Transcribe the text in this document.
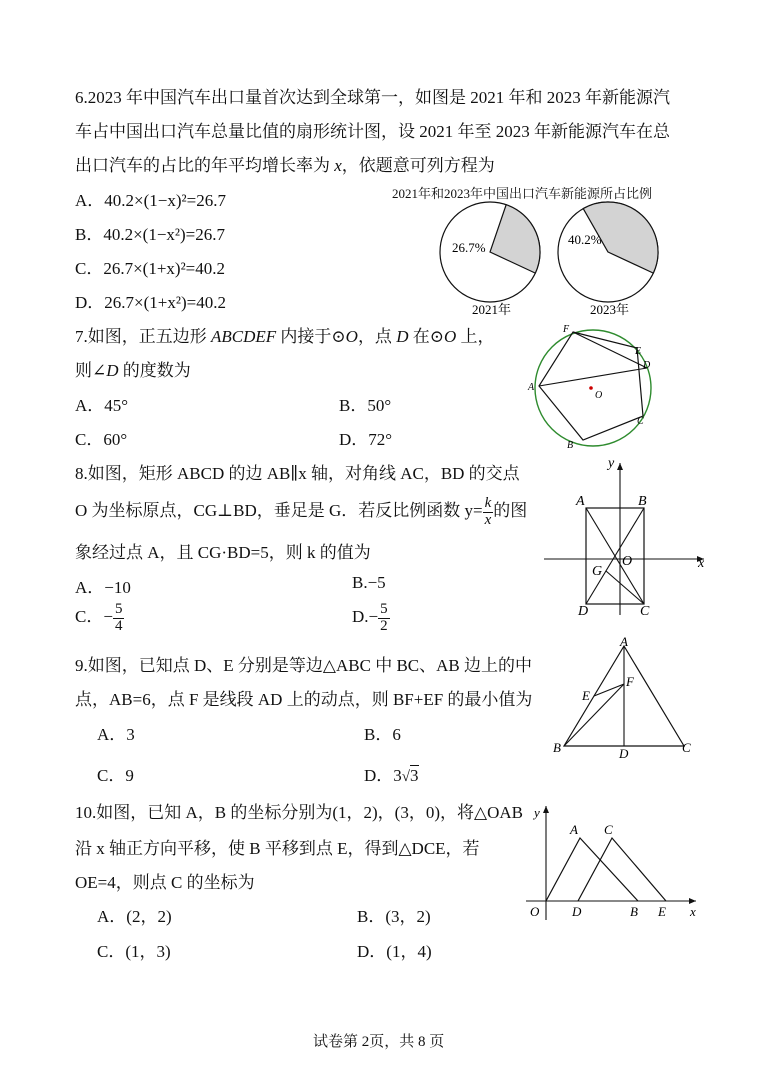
6.2023 年中国汽车出口量首次达到全球第一，如图是 2021 年和 2023 年新能源汽
车占中国出口汽车总量比值的扇形统计图，设 2021 年至 2023 年新能源汽车在总
出口汽车的占比的年平均增长率为 x，依题意可列方程为
A．40.2×(1−x)²=26.7
B．40.2×(1−x²)=26.7
C．26.7×(1+x)²=40.2
D．26.7×(1+x²)=40.2
2021年和2023年中国出口汽车新能源所占比例
26.7%
2021年
40.2%
2023年
7.如图，正五边形 ABCDEF 内接于⊙O，点 D 在⊙O 上，
则∠D 的度数为
A．45°	B．50°
C．60°	D．72°
F
E
D
A
O
C
B
8.如图，矩形 ABCD 的边 AB∥x 轴，对角线 AC，BD 的交点
O 为坐标原点，CG⊥BD，垂足是 G．若反比例函数 $y= \frac{k}{x}$ 的图
象经过点 A，且 CG·BD=5，则 k 的值为
A．−10	B.−5
C．− $\frac{5}{4}$	$D.- \frac{5}{2}$
y
A	B
G
O	x
D	C
9.如图，已知点 D、E 分别是等边△ABC 中 BC、AB 边上的中
点，AB=6，点 F 是线段 AD 上的动点，则 BF+EF 的最小值为
A．3	B．6
C．9	D．3√3
A
F
E
B	D	C
10.如图，已知 A，B 的坐标分别为(1，2)，(3，0)，将△OAB
沿 x 轴正方向平移，使 B 平移到点 E，得到△DCE，若
OE=4，则点 C 的坐标为
A．(2，2)	B．(3，2)
C．(1，3)	D．(1，4)
y
A C
O	D	B E x
试卷第 2页，共 8 页
